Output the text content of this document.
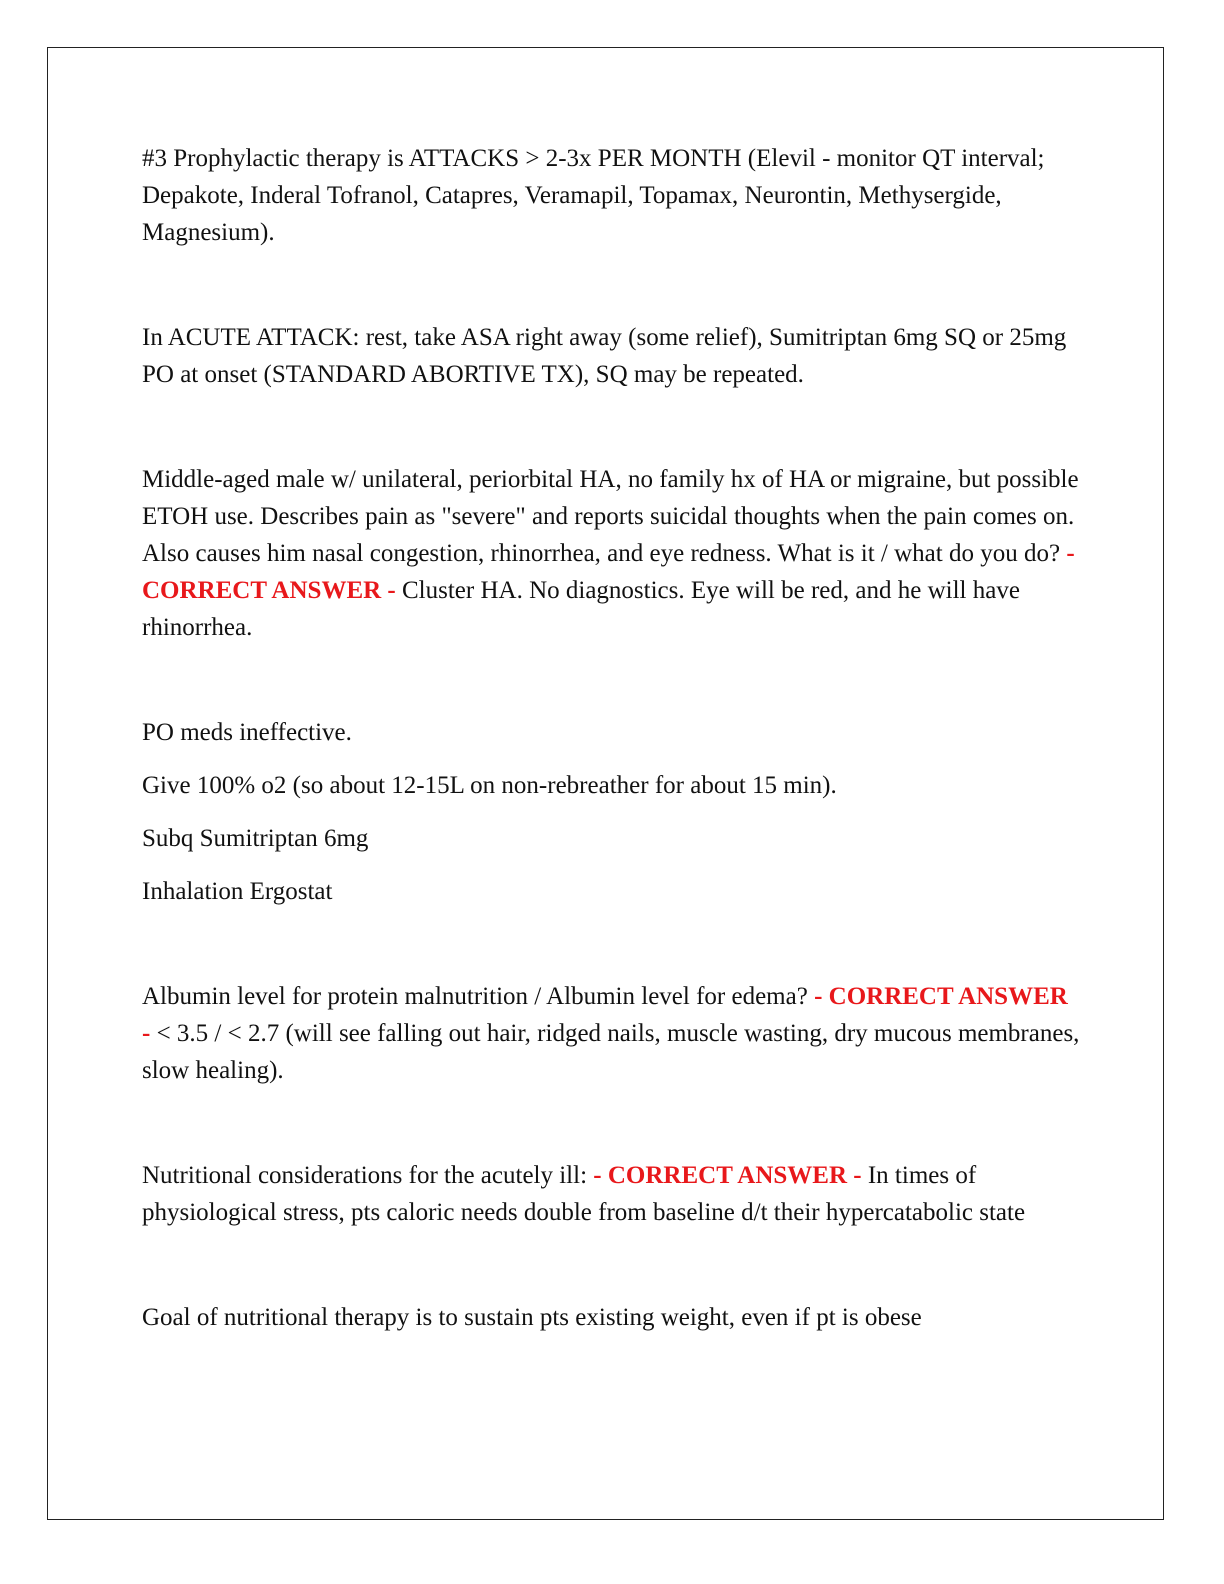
#3 Prophylactic therapy is ATTACKS > 2-3x PER MONTH (Elevil - monitor QT interval; Depakote, Inderal Tofranol, Catapres, Veramapil, Topamax, Neurontin, Methysergide, Magnesium).

In ACUTE ATTACK: rest, take ASA right away (some relief), Sumitriptan 6mg SQ or 25mg PO at onset (STANDARD ABORTIVE TX), SQ may be repeated.

Middle-aged male w/ unilateral, periorbital HA, no family hx of HA or migraine, but possible ETOH use. Describes pain as "severe" and reports suicidal thoughts when the pain comes on. Also causes him nasal congestion, rhinorrhea, and eye redness. What is it / what do you do? - CORRECT ANSWER - Cluster HA. No diagnostics. Eye will be red, and he will have rhinorrhea.

PO meds ineffective.

Give 100% o2 (so about 12-15L on non-rebreather for about 15 min).

Subq Sumitriptan 6mg

Inhalation Ergostat

Albumin level for protein malnutrition / Albumin level for edema? - CORRECT ANSWER - < 3.5 / < 2.7 (will see falling out hair, ridged nails, muscle wasting, dry mucous membranes, slow healing).

Nutritional considerations for the acutely ill: - CORRECT ANSWER - In times of physiological stress, pts caloric needs double from baseline d/t their hypercatabolic state

Goal of nutritional therapy is to sustain pts existing weight, even if pt is obese
